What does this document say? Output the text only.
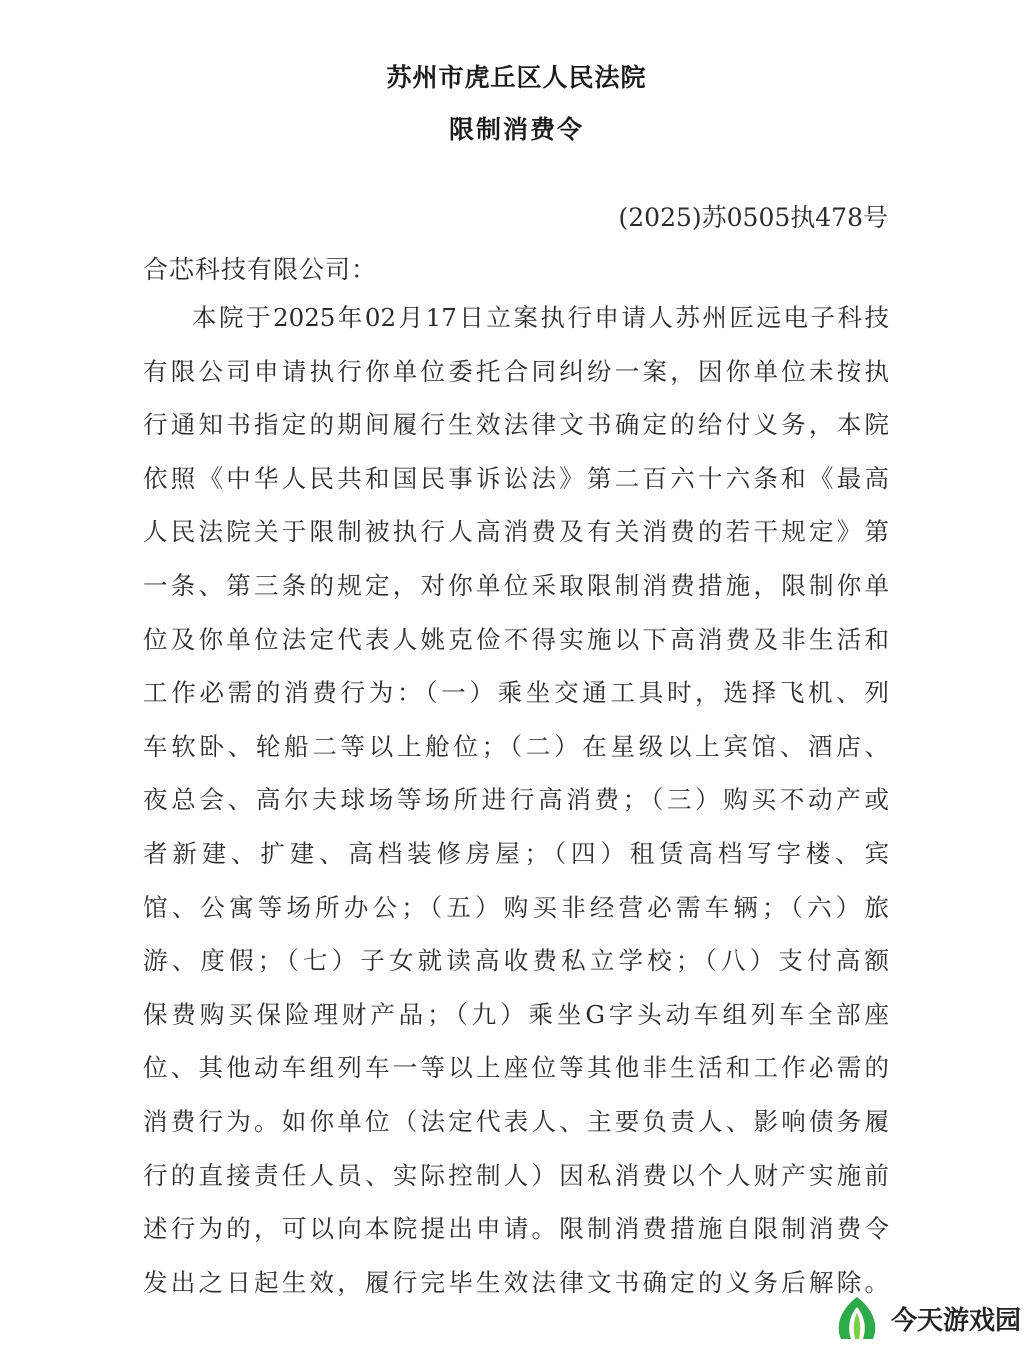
苏州市虎丘区人民法院
限制消费令
(2025)苏0505执478号
合芯科技有限公司：
本院于2025年02月17日立案执行申请人苏州匠远电子科技
有限公司申请执行你单位委托合同纠纷一案，因你单位未按执
行通知书指定的期间履行生效法律文书确定的给付义务，本院
依照《中华人民共和国民事诉讼法》第二百六十六条和《最高
人民法院关于限制被执行人高消费及有关消费的若干规定》第
一条、第三条的规定，对你单位采取限制消费措施，限制你单
位及你单位法定代表人姚克俭不得实施以下高消费及非生活和
工作必需的消费行为：（一）乘坐交通工具时，选择飞机、列
车软卧、轮船二等以上舱位；（二）在星级以上宾馆、酒店、
夜总会、高尔夫球场等场所进行高消费；（三）购买不动产或
者新建、扩建、高档装修房屋；（四）租赁高档写字楼、宾
馆、公寓等场所办公；（五）购买非经营必需车辆；（六）旅
游、度假；（七）子女就读高收费私立学校；（八）支付高额
保费购买保险理财产品；（九）乘坐G字头动车组列车全部座
位、其他动车组列车一等以上座位等其他非生活和工作必需的
消费行为。如你单位（法定代表人、主要负责人、影响债务履
行的直接责任人员、实际控制人）因私消费以个人财产实施前
述行为的，可以向本院提出申请。限制消费措施自限制消费令
发出之日起生效，履行完毕生效法律文书确定的义务后解除。
今天游戏园
